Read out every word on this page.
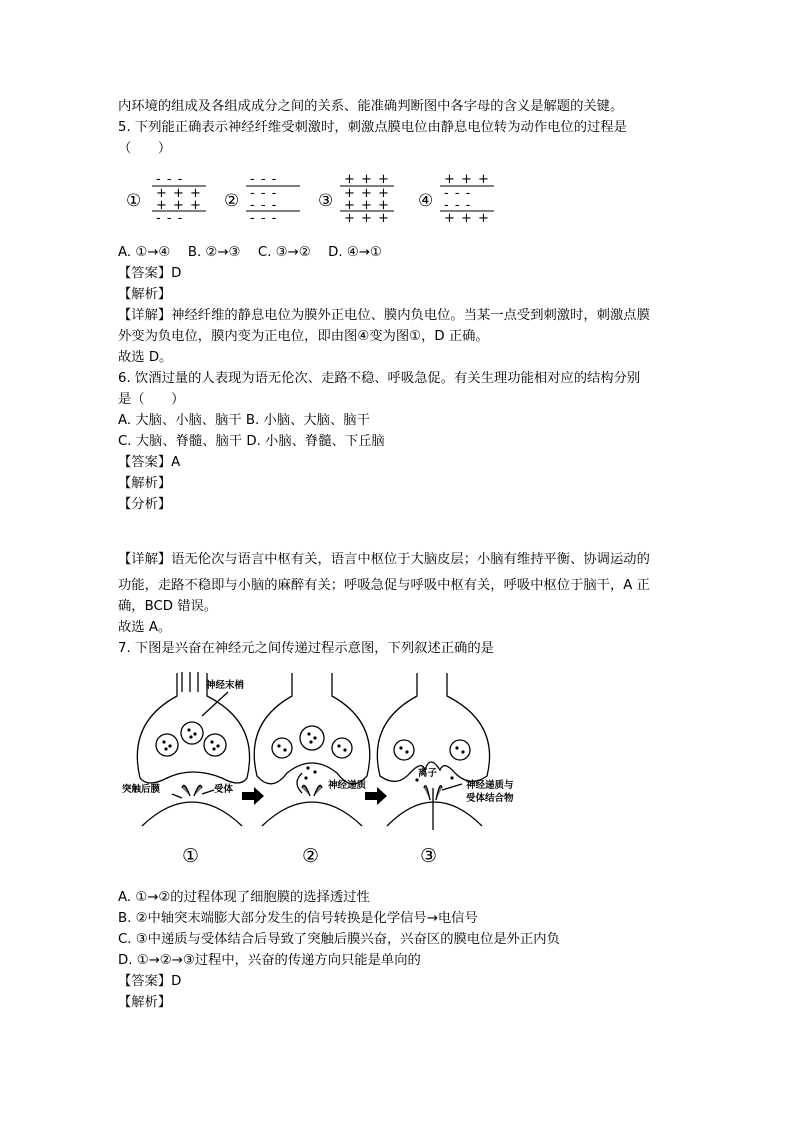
内环境的组成及各组成成分之间的关系、能准确判断图中各字母的含义是解题的关键。
5. 下列能正确表示神经纤维受刺激时，刺激点膜电位由静息电位转为动作电位的过程是
（　　）
①
- - -
+ + +
+ + +
- - -
②
- - -
- - -
- - -
- - -
③
+ + +
+ + +
+ + +
+ + +
④
+ + +
- - -
- - -
+ + +
A. ①→④　 B. ②→③　 C. ③→②　 D. ④→①
【答案】D
【解析】
【详解】神经纤维的静息电位为膜外正电位、膜内负电位。当某一点受到刺激时，刺激点膜
外变为负电位，膜内变为正电位，即由图④变为图①，D 正确。
故选 D。
6. 饮酒过量的人表现为语无伦次、走路不稳、呼吸急促。有关生理功能相对应的结构分别
是（　　）
A. 大脑、小脑、脑干 B. 小脑、大脑、脑干
C. 大脑、脊髓、脑干 D. 小脑、脊髓、下丘脑
【答案】A
【解析】
【分析】
【详解】语无伦次与语言中枢有关，语言中枢位于大脑皮层；小脑有维持平衡、协调运动的
功能，走路不稳即与小脑的麻醉有关；呼吸急促与呼吸中枢有关，呼吸中枢位于脑干，A 正
确，BCD 错误。
故选 A。
7. 下图是兴奋在神经元之间传递过程示意图，下列叙述正确的是
神经末梢
突触后膜	受体	神经递质
离子
神经递质与
受体结合物
①	②	③
A. ①→②的过程体现了细胞膜的选择透过性
B. ②中轴突末端膨大部分发生的信号转换是化学信号→电信号
C. ③中递质与受体结合后导致了突触后膜兴奋，兴奋区的膜电位是外正内负
D. ①→②→③过程中，兴奋的传递方向只能是单向的
【答案】D
【解析】
